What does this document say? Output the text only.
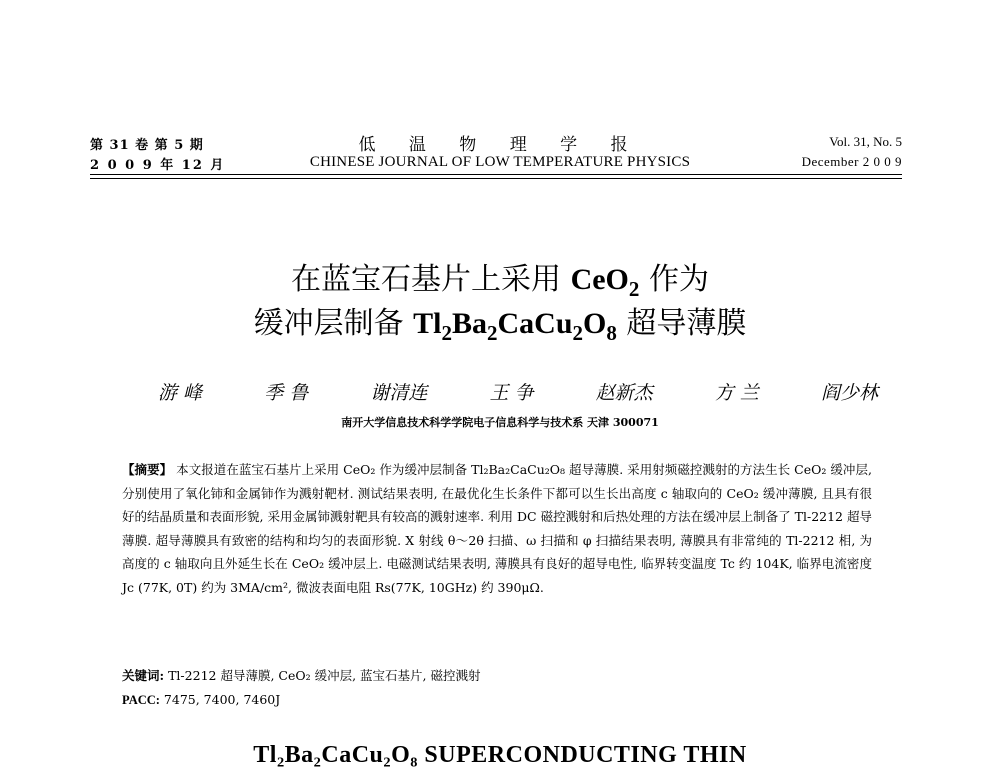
第 31 卷 第 5 期
2 0 0 9 年 12 月
低 温 物 理 学 报
CHINESE JOURNAL OF LOW TEMPERATURE PHYSICS
Vol. 31, No. 5
December 2 0 0 9
在蓝宝石基片上采用 CeO$_2$ 作为
缓冲层制备 $Tl_2Ba_2CaCu_2O_8$ 超导薄膜
游 峰	季 鲁	谢清连	王 争	赵新杰	方 兰	阎少林
南开大学信息技术科学学院电子信息科学与技术系 天津 300071
【摘要】 本文报道在蓝宝石基片上采用 CeO₂ 作为缓冲层制备 Tl₂Ba₂CaCu₂O₈ 超导薄膜. 采用射频磁控溅射的方法生长 CeO₂ 缓冲层, 分别使用了氧化铈和金属铈作为溅射靶材. 测试结果表明, 在最优化生长条件下都可以生长出高度 c 轴取向的 CeO₂ 缓冲薄膜, 且具有很好的结晶质量和表面形貌, 采用金属铈溅射靶具有较高的溅射速率. 利用 DC 磁控溅射和后热处理的方法在缓冲层上制备了 Tl-2212 超导薄膜. 超导薄膜具有致密的结构和均匀的表面形貌. X 射线 θ～2θ 扫描、ω 扫描和 φ 扫描结果表明, 薄膜具有非常纯的 Tl-2212 相, 为高度的 c 轴取向且外延生长在 CeO₂ 缓冲层上. 电磁测试结果表明, 薄膜具有良好的超导电性, 临界转变温度 Tc 约 104K, 临界电流密度 Jc (77K, 0T) 约为 3MA/cm², 微波表面电阻 Rs(77K, 10GHz) 约 390μΩ.
关键词: Tl-2212 超导薄膜, CeO₂ 缓冲层, 蓝宝石基片, 磁控溅射
PACC: 7475, 7400, 7460J
Tl₂Ba₂CaCu₂O₈ SUPERCONDUCTING THIN
